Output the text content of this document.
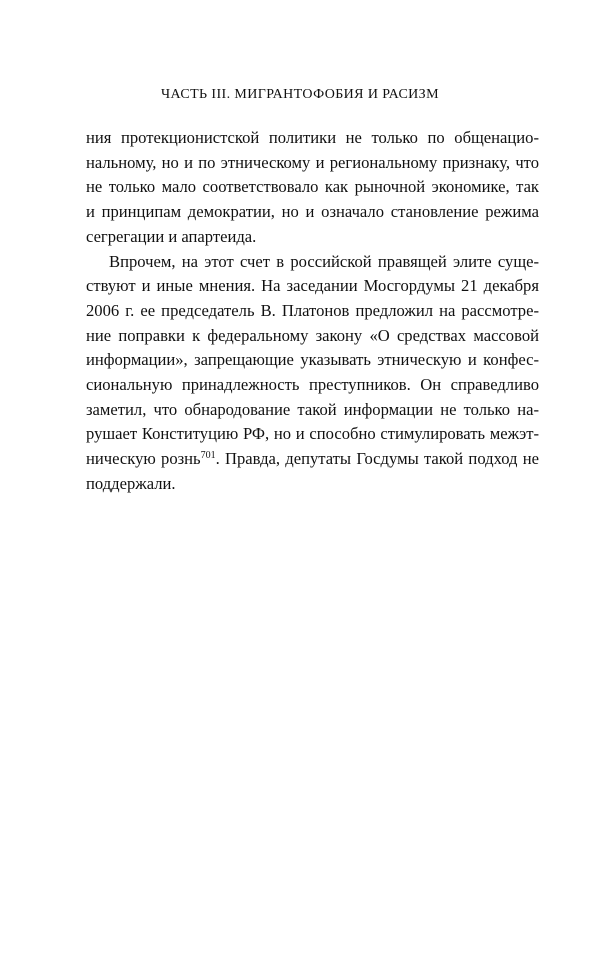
ЧАСТЬ III. МИГРАНТОФОБИЯ И РАСИЗМ
ния протекционистской политики не только по общенацио-
нальному, но и по этническому и региональному признаку, что
не только мало соответствовало как рыночной экономике, так
и принципам демократии, но и означало становление режима
сегрегации и апартеида.
Впрочем, на этот счет в российской правящей элите суще-
ствуют и иные мнения. На заседании Мосгордумы 21 декабря
2006 г. ее председатель В. Платонов предложил на рассмотре-
ние поправки к федеральному закону «О средствах массовой
информации», запрещающие указывать этническую и конфес-
сиональную принадлежность преступников. Он справедливо
заметил, что обнародование такой информации не только на-
рушает Конституцию РФ, но и способно стимулировать межэт-
ническую рознь$^{701}$. Правда, депутаты Госдумы такой подход не
поддержали.
